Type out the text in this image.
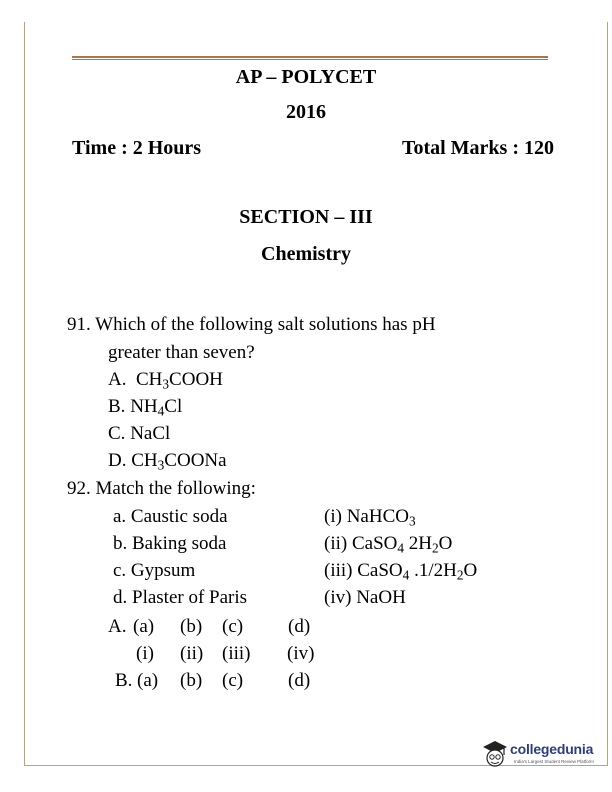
AP – POLYCET
2016
Time : 2 Hours	Total Marks : 120
SECTION – III
Chemistry
91. Which of the following salt solutions has pH
greater than seven?
A.  $CH_3COOH$
B. $NH_4Cl$
C. NaCl
D. $CH_3COONa$
92. Match the following:
a. Caustic soda
b. Baking soda
c. Gypsum
d. Plaster of Paris
(i) NaHCO$_3$
(ii) CaSO$_4$ $2H_2O$
(iii) CaSO$_4$ $.1/2H_2O$
(iv) NaOH
A. (a) (b) (c) (d)
(i) (ii) (iii) (iv)
B. (a) (b) (c) (d)
collegedunia
India's Largest Student Review Platform
